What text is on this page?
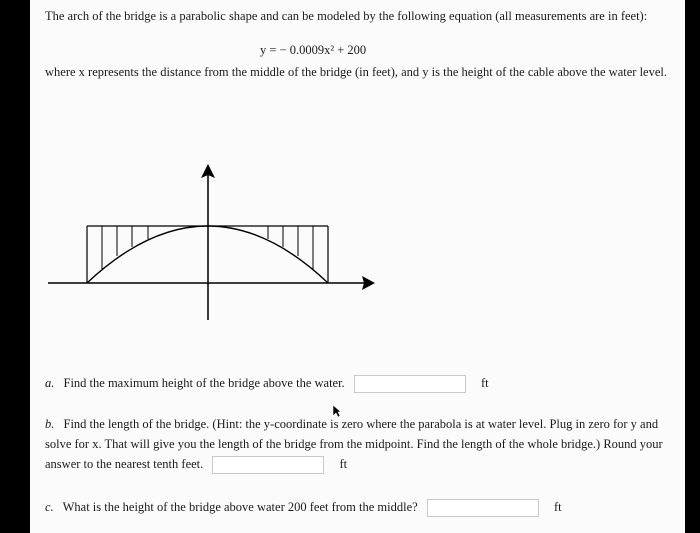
The arch of the bridge is a parabolic shape and can be modeled by the following equation (all measurements are in feet):
y = − 0.0009x² + 200
where x represents the distance from the middle of the bridge (in feet), and y is the height of the cable above the water level.
a. Find the maximum height of the bridge above the water.	ft
b. Find the length of the bridge. (Hint: the y-coordinate is zero where the parabola is at water level. Plug in zero for y and solve for x. That will give you the length of the bridge from the midpoint. Find the length of the whole bridge.) Round your answer to the nearest tenth feet.	ft
c. What is the height of the bridge above water 200 feet from the middle?	ft
